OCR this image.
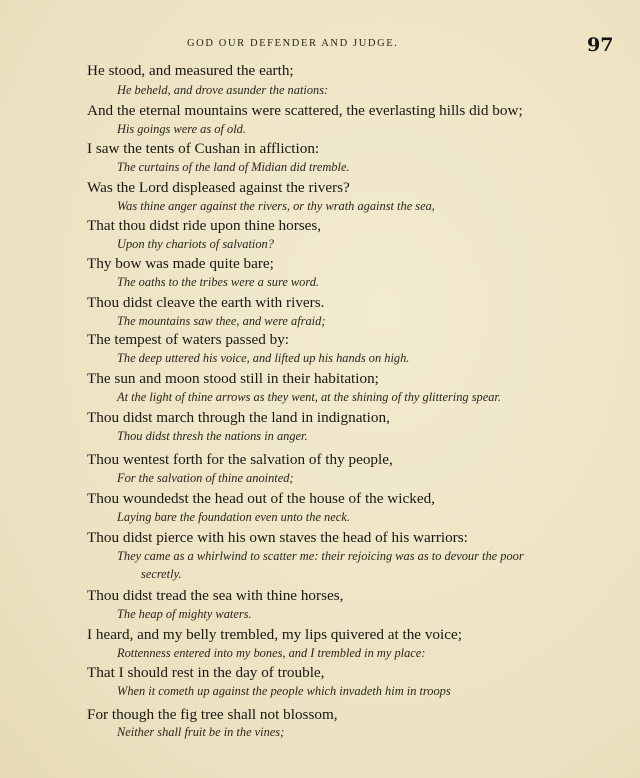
GOD OUR DEFENDER AND JUDGE.	97
He stood, and measured the earth;
He beheld, and drove asunder the nations:
And the eternal mountains were scattered, the everlasting hills did bow;
His goings were as of old.
I saw the tents of Cushan in affliction:
The curtains of the land of Midian did tremble.
Was the Lord displeased against the rivers?
Was thine anger against the rivers, or thy wrath against the sea,
That thou didst ride upon thine horses,
Upon thy chariots of salvation?
Thy bow was made quite bare;
The oaths to the tribes were a sure word.
Thou didst cleave the earth with rivers.
The mountains saw thee, and were afraid;
The tempest of waters passed by:
The deep uttered his voice, and lifted up his hands on high.
The sun and moon stood still in their habitation;
At the light of thine arrows as they went, at the shining of thy glittering spear.
Thou didst march through the land in indignation,
Thou didst thresh the nations in anger.
Thou wentest forth for the salvation of thy people,
For the salvation of thine anointed;
Thou woundedst the head out of the house of the wicked,
Laying bare the foundation even unto the neck.
Thou didst pierce with his own staves the head of his warriors:
They came as a whirlwind to scatter me: their rejoicing was as to devour the poor
secretly.
Thou didst tread the sea with thine horses,
The heap of mighty waters.
I heard, and my belly trembled, my lips quivered at the voice;
Rottenness entered into my bones, and I trembled in my place:
That I should rest in the day of trouble,
When it cometh up against the people which invadeth him in troops
For though the fig tree shall not blossom,
Neither shall fruit be in the vines;
